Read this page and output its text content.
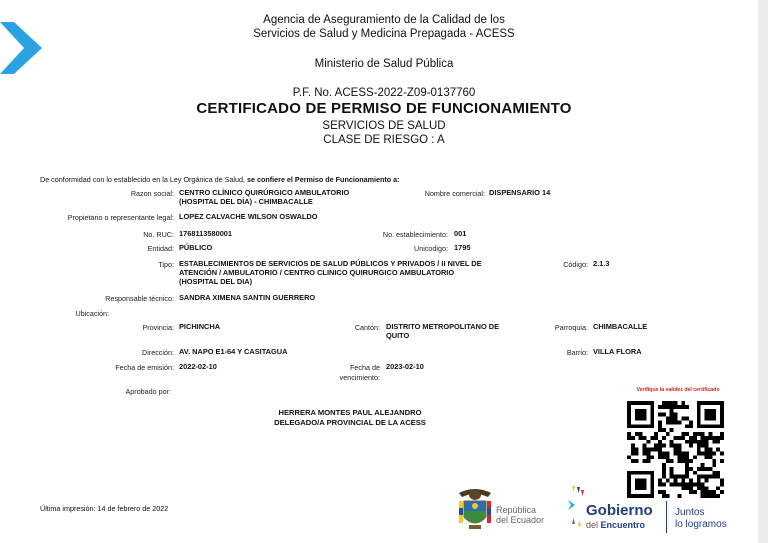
Agencia de Aseguramiento de la Calidad de los
Servicios de Salud y Medicina Prepagada - ACESS
Ministerio de Salud Pública
P.F. No. ACESS-2022-Z09-0137760
CERTIFICADO DE PERMISO DE FUNCIONAMIENTO
SERVICIOS DE SALUD
CLASE DE RIESGO : A
De conformidad con lo establecido en la Ley Orgánica de Salud, se confiere el Permiso de Funcionamiento a:
Razon social: CENTRO CLÍNICO QUIRÚRGICO AMBULATORIO
(HOSPITAL DEL DÍA) - CHIMBACALLE
Nombre comercial: DISPENSARIO 14
Propietario o representante legal: LOPEZ CALVACHE WILSON OSWALDO
No. RUC: 1768113580001	No. establecimiento: 001
Entidad: PÚBLICO	Unicodigo: 1795
Tipo: ESTABLECIMIENTOS DE SERVICIOS DE SALUD PÚBLICOS Y PRIVADOS / II NIVEL DE
ATENCIÓN / AMBULATORIO / CENTRO CLINICO QUIRURGICO AMBULATORIO
(HOSPITAL DEL DIA)
Código: 2.1.3
Responsable técnico: SANDRA XIMENA SANTIN GUERRERO
Ubicación:
Provincia: PICHINCHA	Cantón: DISTRITO METROPOLITANO DE
QUITO
Parroquia: CHIMBACALLE
Dirección: AV. NAPO E1-64 Y CASITAGUA	Barrio: VILLA FLORA
Fecha de emisión: 2022-02-10	Fecha de
vencimiento:
2023-02-10
Aprobado por:
HERRERA MONTES PAUL ALEJANDRO
DELEGADO/A PROVINCIAL DE LA ACESS
Verifique la validez del certificado
Última impresión: 14 de febrero de 2022	República
del Ecuador
Gobierno
del Encuentro
Juntos
lo logramos
